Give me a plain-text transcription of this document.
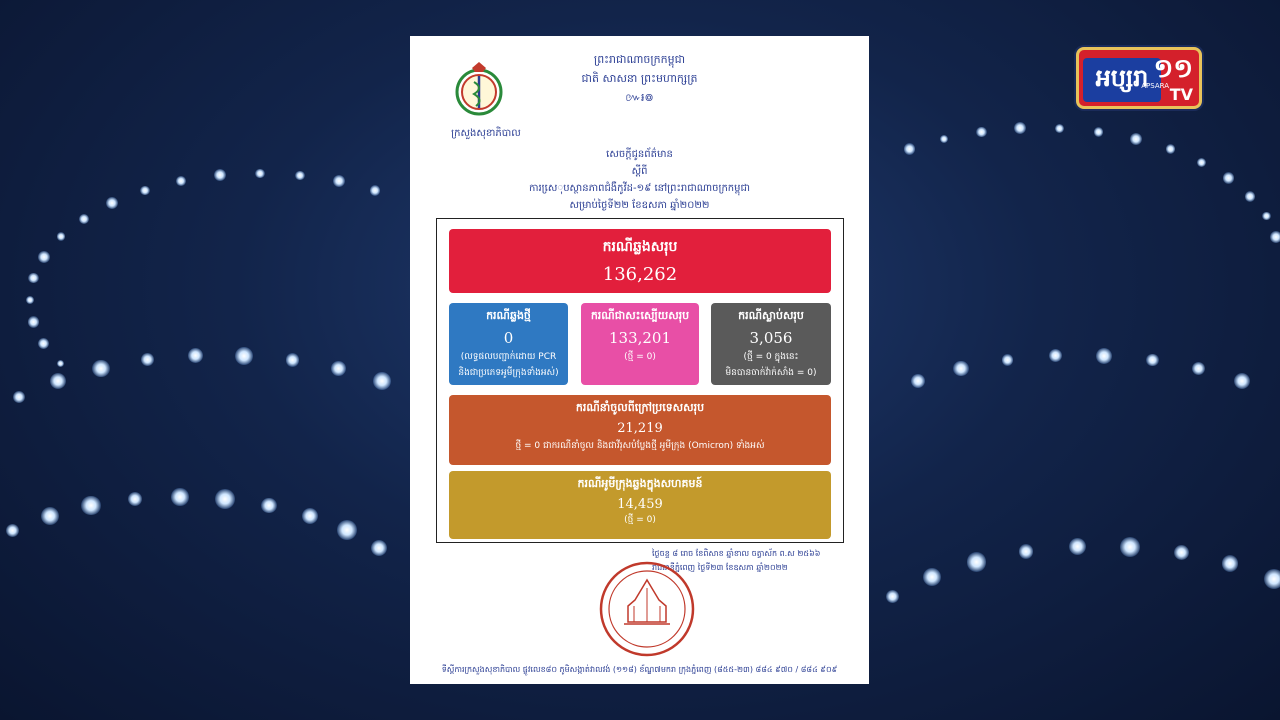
អប្សរា ១១
APSARA TV
ព្រះរាជាណាចក្រកម្ពុជា
ជាតិ សាសនា ព្រះមហាក្សត្រ
៚៛៙
ក្រសួងសុខាភិបាល
សេចក្តីជូនព័ត៌មាន
ស្តីពី
ការសេ្រុបស្ថានភាពជំងឺកូវីដ-១៩ នៅព្រះរាជាណាចក្រកម្ពុជា
សម្រាប់ថ្ងៃទី២២ ខែឧសភា ឆ្នាំ២០២២
ករណីឆ្លងសរុប
136,262
ករណីឆ្លងថ្មី
0
(លទ្ធផលបញ្ជាក់ដោយ PCR
និងជាប្រភេទអូមីក្រុងទាំងអស់)
ករណីជាសះស្បើយសរុប
133,201
(ថ្មី = 0)
ករណីស្លាប់សរុប
3,056
(ថ្មី = 0 ក្នុងនេះ
មិនបានចាក់វ៉ាក់សាំង = 0)
ករណីនាំចូលពីក្រៅប្រទេសសរុប
21,219
ថ្មី = 0 ជាករណីនាំចូល និងជាវីរុសបំប្លែងថ្មី អូមីក្រុង (Omicron) ទាំងអស់
ករណីអូមីក្រុងឆ្លងក្នុងសហគមន៍
14,459
(ថ្មី = 0)
ថ្ងៃចន្ទ ៨ រោច ខែពិសាខ ឆ្នាំខាល ចត្វាស័ក ព.ស ២៥៦៦
រាជធានីភ្នំពេញ ថ្ងៃទី២៣ ខែឧសភា ឆ្នាំ២០២២
ទីស្តីការក្រសួងសុខាភិបាល ផ្លូវលេខ៨០ ភូមិសង្កាត់វាលវង់ (១១៨) ខ័ណ្ឌ៧មករា ក្រុងភ្នំពេញ (៨៥៥-២៣) ៨៨៤ ៩៧០ / ៨៨៤ ៩០៩
